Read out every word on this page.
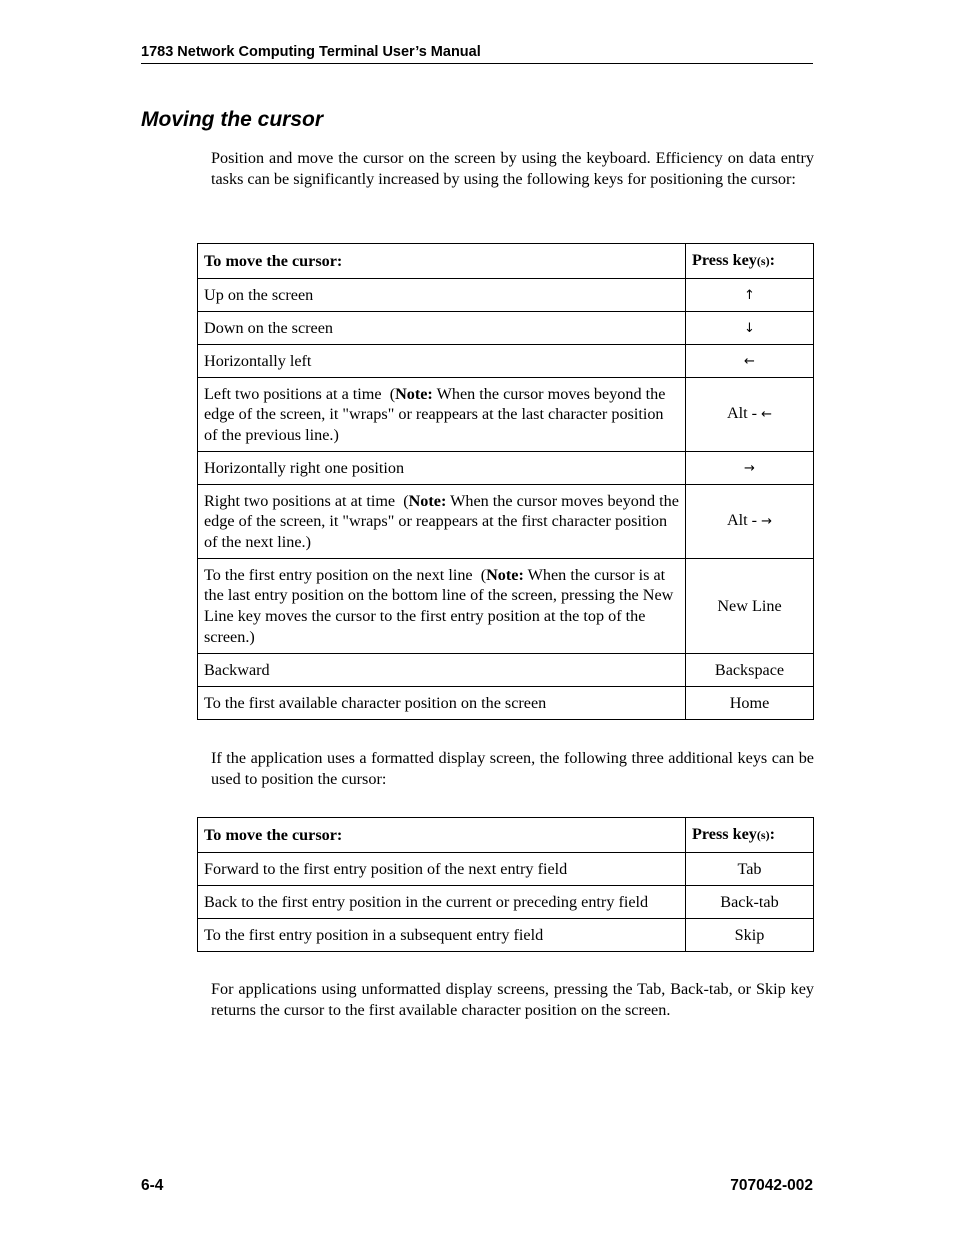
1783 Network Computing Terminal User’s Manual
Moving the cursor

Position and move the cursor on the screen by using the keyboard. Efficiency on data entry tasks can be significantly increased by using the following keys for positioning the cursor:

To move the cursor:	Press key(s):
Up on the screen	↑
Down on the screen	↓
Horizontally left	←
Left two positions at a time  (Note: When the cursor moves beyond the edge of the screen, it "wraps" or reappears at the last character position of the previous line.)	Alt - ←
Horizontally right one position	→
Right two positions at at time  (Note: When the cursor moves beyond the edge of the screen, it "wraps" or reappears at the first character position of the next line.)	Alt - →
To the first entry position on the next line  (Note: When the cursor is at the last entry position on the bottom line of the screen, pressing the New Line key moves the cursor to the first entry position at the top of the screen.)	New Line
Backward	Backspace
To the first available character position on the screen	Home

If the application uses a formatted display screen, the following three additional keys can be used to position the cursor:

To move the cursor:	Press key(s):
Forward to the first entry position of the next entry field	Tab
Back to the first entry position in the current or preceding entry field	Back-tab
To the first entry position in a subsequent entry field	Skip

For applications using unformatted display screens, pressing the Tab, Back-tab, or Skip key returns the cursor to the first available character position on the screen.

6-4	707042-002
